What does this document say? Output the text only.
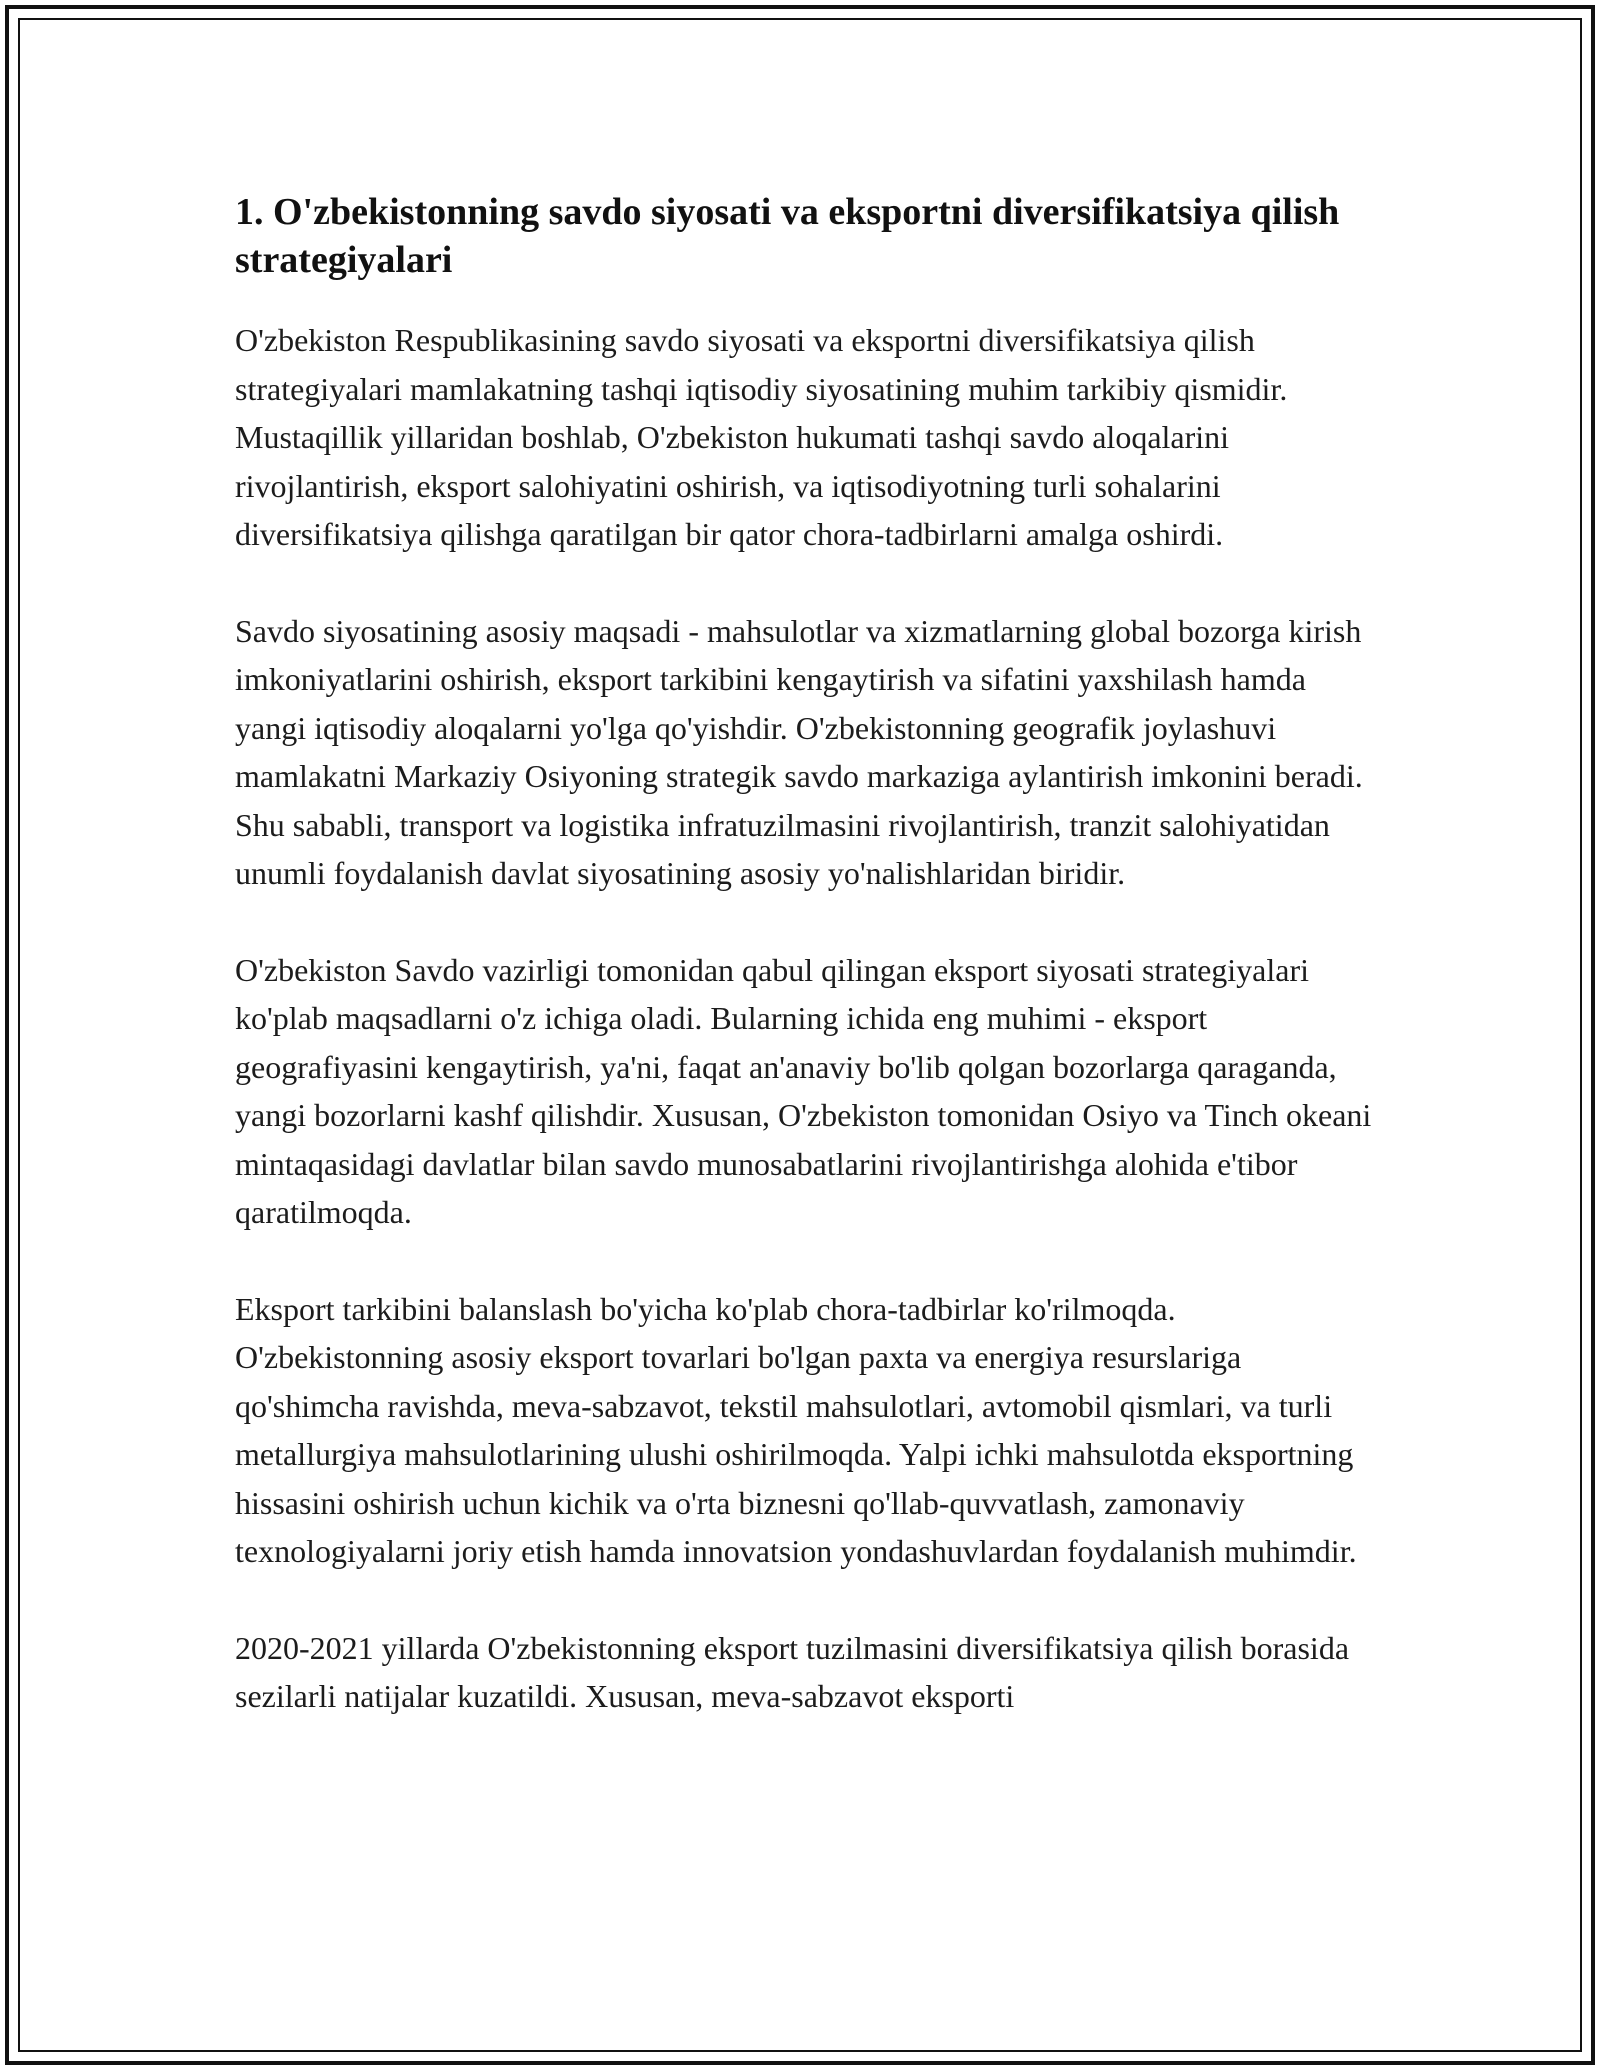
1. O'zbekistonning savdo siyosati va eksportni diversifikatsiya qilish strategiyalari

O'zbekiston Respublikasining savdo siyosati va eksportni diversifikatsiya qilish strategiyalari mamlakatning tashqi iqtisodiy siyosatining muhim tarkibiy qismidir. Mustaqillik yillaridan boshlab, O'zbekiston hukumati tashqi savdo aloqalarini rivojlantirish, eksport salohiyatini oshirish, va iqtisodiyotning turli sohalarini diversifikatsiya qilishga qaratilgan bir qator chora-tadbirlarni amalga oshirdi.

Savdo siyosatining asosiy maqsadi - mahsulotlar va xizmatlarning global bozorga kirish imkoniyatlarini oshirish, eksport tarkibini kengaytirish va sifatini yaxshilash hamda yangi iqtisodiy aloqalarni yo'lga qo'yishdir. O'zbekistonning geografik joylashuvi mamlakatni Markaziy Osiyoning strategik savdo markaziga aylantirish imkonini beradi. Shu sababli, transport va logistika infratuzilmasini rivojlantirish, tranzit salohiyatidan unumli foydalanish davlat siyosatining asosiy yo'nalishlaridan biridir.

O'zbekiston Savdo vazirligi tomonidan qabul qilingan eksport siyosati strategiyalari ko'plab maqsadlarni o'z ichiga oladi. Bularning ichida eng muhimi - eksport geografiyasini kengaytirish, ya'ni, faqat an'anaviy bo'lib qolgan bozorlarga qaraganda, yangi bozorlarni kashf qilishdir. Xususan, O'zbekiston tomonidan Osiyo va Tinch okeani mintaqasidagi davlatlar bilan savdo munosabatlarini rivojlantirishga alohida e'tibor qaratilmoqda.

Eksport tarkibini balanslash bo'yicha ko'plab chora-tadbirlar ko'rilmoqda. O'zbekistonning asosiy eksport tovarlari bo'lgan paxta va energiya resurslariga qo'shimcha ravishda, meva-sabzavot, tekstil mahsulotlari, avtomobil qismlari, va turli metallurgiya mahsulotlarining ulushi oshirilmoqda. Yalpi ichki mahsulotda eksportning hissasini oshirish uchun kichik va o'rta biznesni qo'llab-quvvatlash, zamonaviy texnologiyalarni joriy etish hamda innovatsion yondashuvlardan foydalanish muhimdir.

2020-2021 yillarda O'zbekistonning eksport tuzilmasini diversifikatsiya qilish borasida sezilarli natijalar kuzatildi. Xususan, meva-sabzavot eksporti
